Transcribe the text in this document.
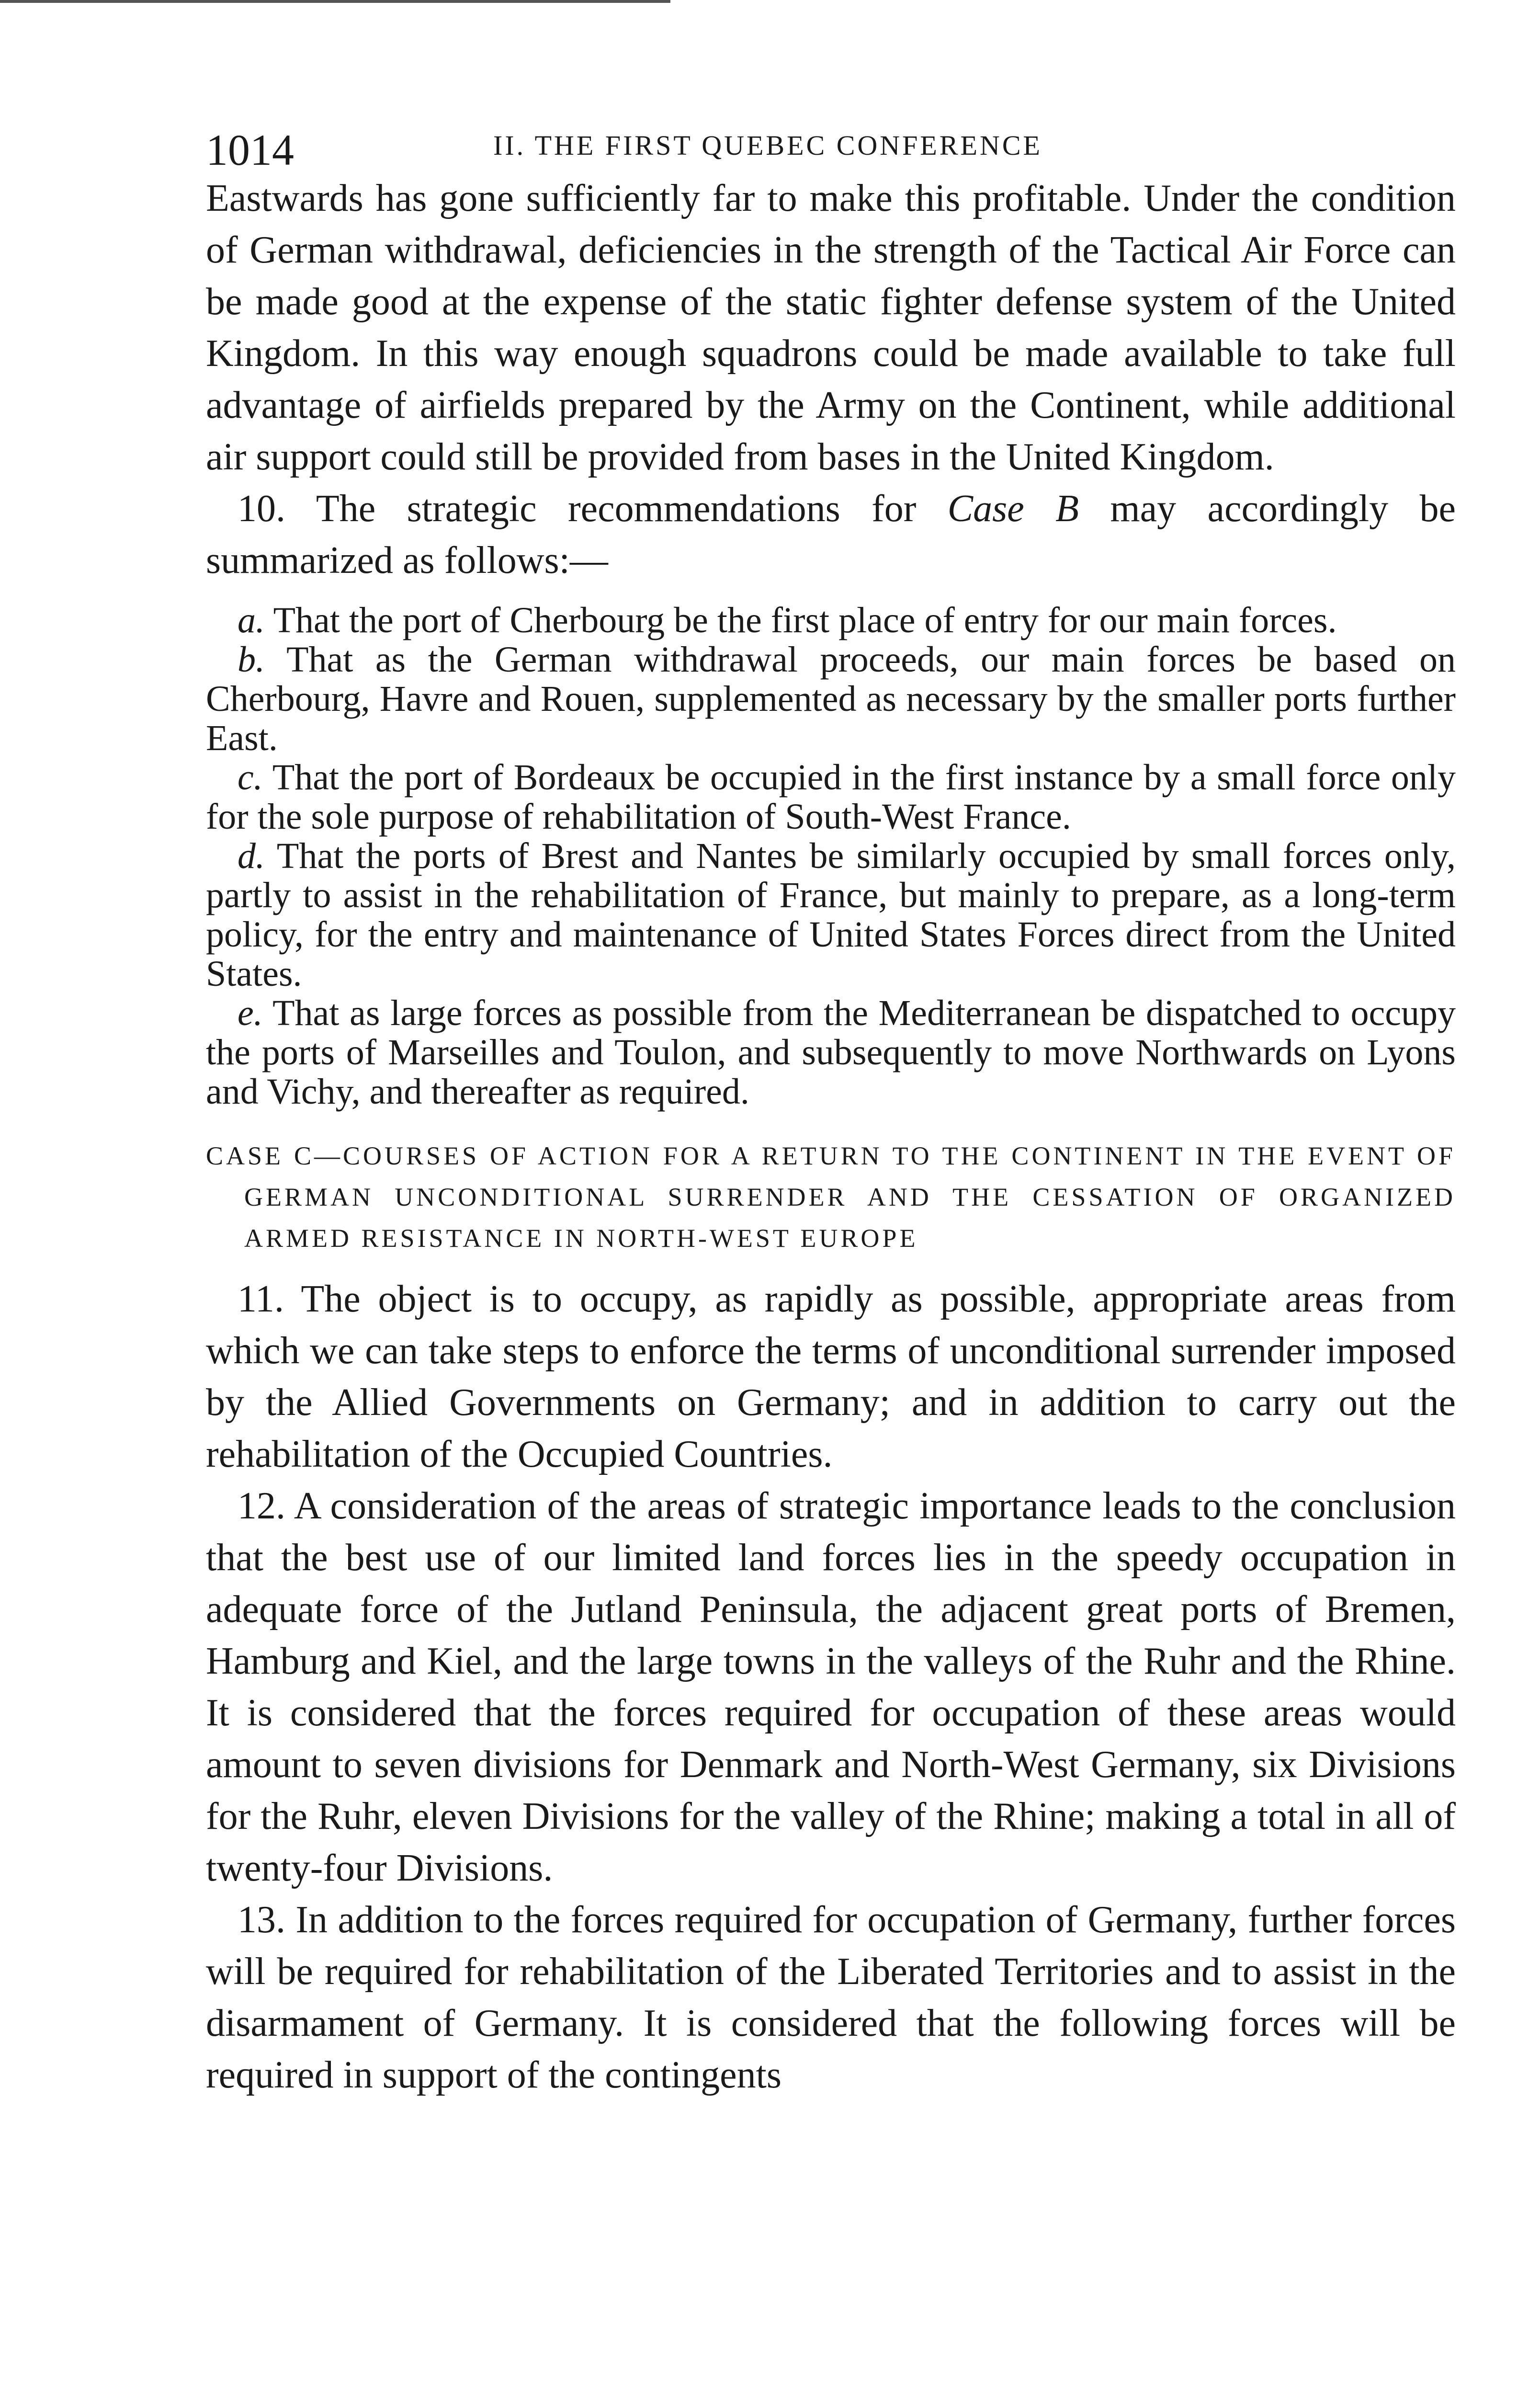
1014	II. THE FIRST QUEBEC CONFERENCE

Eastwards has gone sufficiently far to make this profitable. Under the condition of German withdrawal, deficiencies in the strength of the Tactical Air Force can be made good at the expense of the static fighter defense system of the United Kingdom. In this way enough squadrons could be made available to take full advantage of airfields prepared by the Army on the Continent, while additional air support could still be provided from bases in the United Kingdom.

10. The strategic recommendations for Case B may accordingly be summarized as follows:—

a. That the port of Cherbourg be the first place of entry for our main forces.

b. That as the German withdrawal proceeds, our main forces be based on Cherbourg, Havre and Rouen, supplemented as necessary by the smaller ports further East.

c. That the port of Bordeaux be occupied in the first instance by a small force only for the sole purpose of rehabilitation of South-West France.

d. That the ports of Brest and Nantes be similarly occupied by small forces only, partly to assist in the rehabilitation of France, but mainly to prepare, as a long-term policy, for the entry and maintenance of United States Forces direct from the United States.

e. That as large forces as possible from the Mediterranean be dispatched to occupy the ports of Marseilles and Toulon, and subsequently to move Northwards on Lyons and Vichy, and thereafter as required.

CASE C—COURSES OF ACTION FOR A RETURN TO THE CONTINENT IN THE EVENT OF GERMAN UNCONDITIONAL SURRENDER AND THE CESSATION OF ORGANIZED ARMED RESISTANCE IN NORTH-WEST EUROPE

11. The object is to occupy, as rapidly as possible, appropriate areas from which we can take steps to enforce the terms of unconditional surrender imposed by the Allied Governments on Germany; and in addition to carry out the rehabilitation of the Occupied Countries.

12. A consideration of the areas of strategic importance leads to the conclusion that the best use of our limited land forces lies in the speedy occupation in adequate force of the Jutland Peninsula, the adjacent great ports of Bremen, Hamburg and Kiel, and the large towns in the valleys of the Ruhr and the Rhine. It is considered that the forces required for occupation of these areas would amount to seven divisions for Denmark and North-West Germany, six Divisions for the Ruhr, eleven Divisions for the valley of the Rhine; making a total in all of twenty-four Divisions.

13. In addition to the forces required for occupation of Germany, further forces will be required for rehabilitation of the Liberated Territories and to assist in the disarmament of Germany. It is considered that the following forces will be required in support of the contingents
